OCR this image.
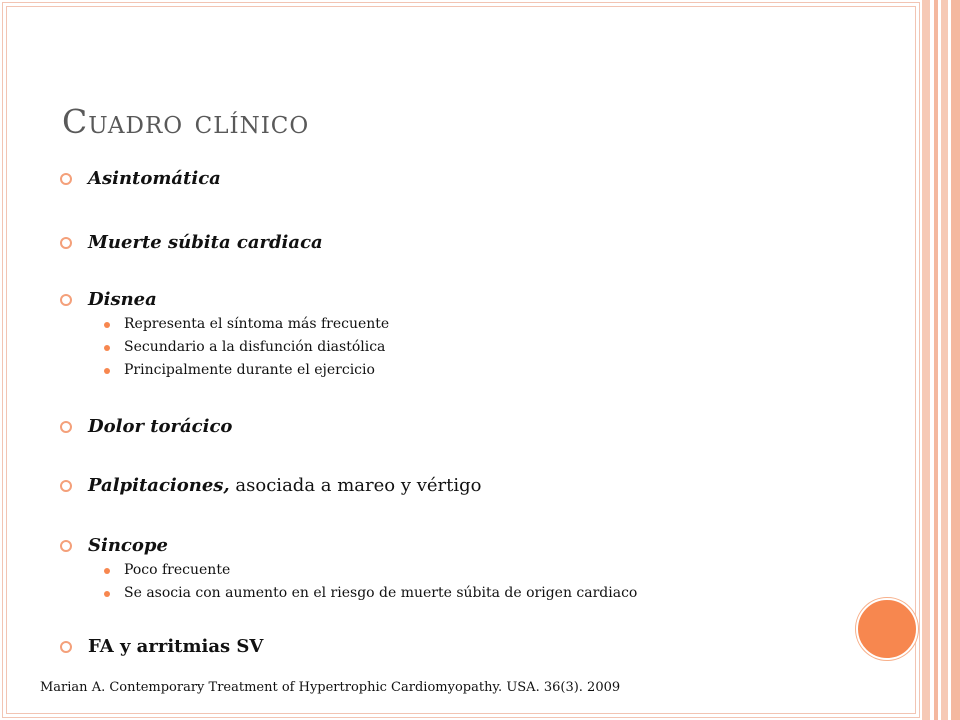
Cuadro clínico
Asintomática
Muerte súbita cardiaca
Disnea
Representa el síntoma más frecuente
Secundario a la disfunción diastólica
Principalmente durante el ejercicio
Dolor torácico
Palpitaciones, asociada a mareo y vértigo
Sincope
Poco frecuente
Se asocia con aumento en el riesgo de muerte súbita de origen cardiaco
FA y arritmias SV
Marian A. Contemporary Treatment of Hypertrophic Cardiomyopathy. USA. 36(3). 2009
